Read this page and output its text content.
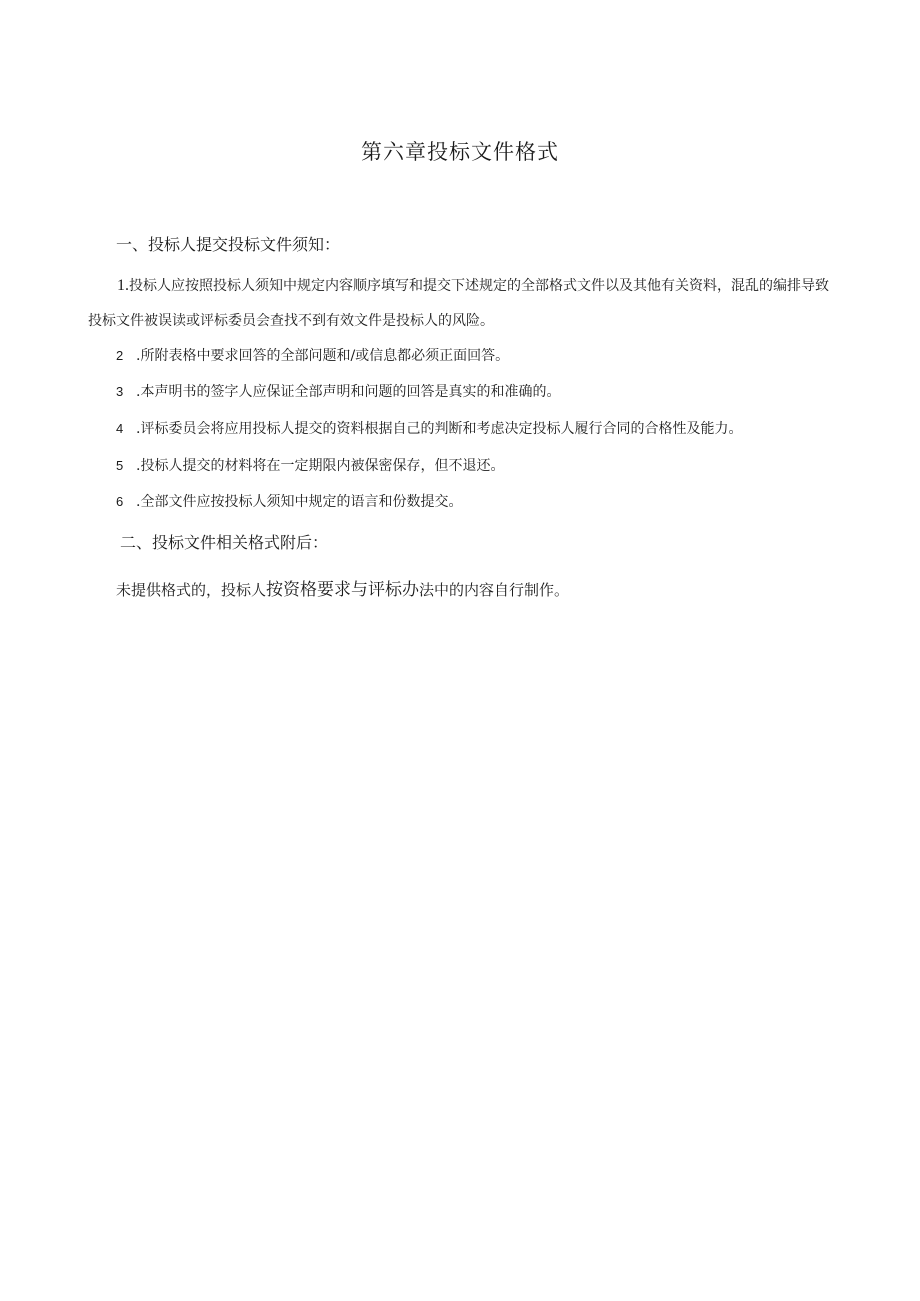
第六章投标文件格式
一、投标人提交投标文件须知：
1.投标人应按照投标人须知中规定内容顺序填写和提交下述规定的全部格式文件以及其他有关资料，混乱的编排导致投标文件被误读或评标委员会查找不到有效文件是投标人的风险。
2 .所附表格中要求回答的全部问题和/或信息都必须正面回答。
3 .本声明书的签字人应保证全部声明和问题的回答是真实的和准确的。
4 .评标委员会将应用投标人提交的资料根据自己的判断和考虑决定投标人履行合同的合格性及能力。
5 .投标人提交的材料将在一定期限内被保密保存，但不退还。
6 .全部文件应按投标人须知中规定的语言和份数提交。
二、投标文件相关格式附后：
未提供格式的，投标人按资格要求与评标办法中的内容自行制作。
